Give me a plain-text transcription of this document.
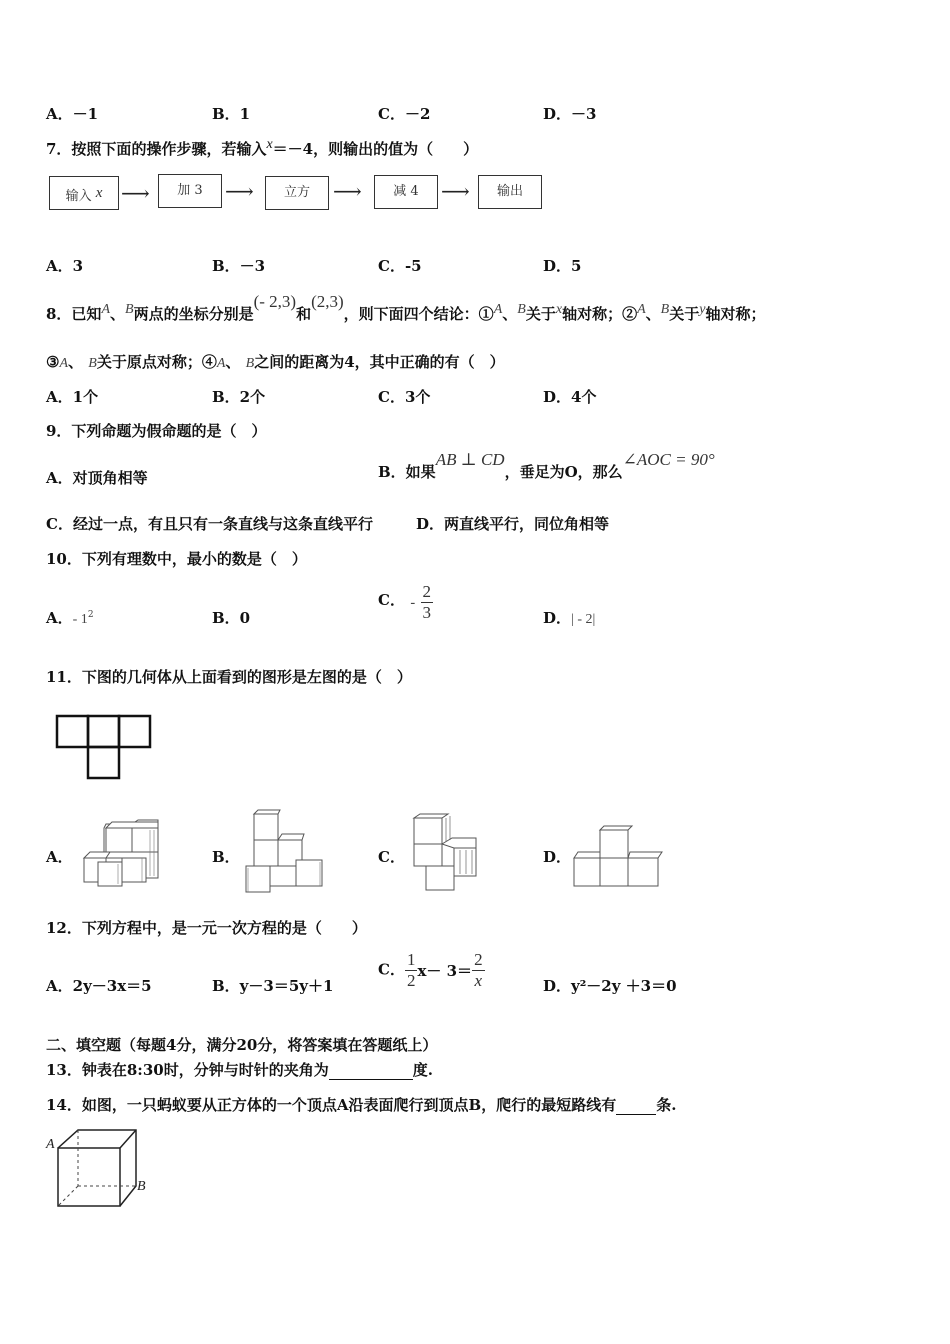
A．－1	B．1	C．－2	D．－3
7．按照下面的操作步骤，若输入$^x$＝－4，则输出的值为（　　）
输入 x ⟶	加 3	⟶	立方	⟶	减 4	⟶	输出
A．3	B．－3	C．-5	D．5
8．已知$^A$、$^B$两点的坐标分别是(- 2,3)和(2,3)，则下面四个结论：①$^A$、$^B$关于$^x$轴对称；②$^A$、$^B$关于$^y$轴对称；
③A、 B关于原点对称；④A、 B之间的距离为4，其中正确的有（　）
A．1个	B．2个	C．3个	D．4个
9．下列命题为假命题的是（　）
A．对顶角相等	B．如果AB ⊥ CD，垂足为O，那么∠AOC = 90°
C．经过一点，有且只有一条直线与这条直线平行	D．两直线平行，同位角相等
10．下列有理数中，最小的数是（　）
A．- $1^2$	B．0
C． - $\frac{2}{3}$	D．| - 2|
11．下图的几何体从上面看到的图形是左图的是（　）
A．	B．	C．	D．
12．下列方程中，是一元一次方程的是（　　）
A．2y－3x＝5	B．y－3＝5y＋1
C． $\frac{1}{2} x- 3= \frac{2}{x}$	D．y²－2y ＋3＝0
二、填空题（每题4分，满分20分，将答案填在答题纸上）
13．钟表在8:30时，分钟与时针的夹角为	度.
14．如图，一只蚂蚁要从正方体的一个顶点A沿表面爬行到顶点B，爬行的最短路线有	条.
A
B
